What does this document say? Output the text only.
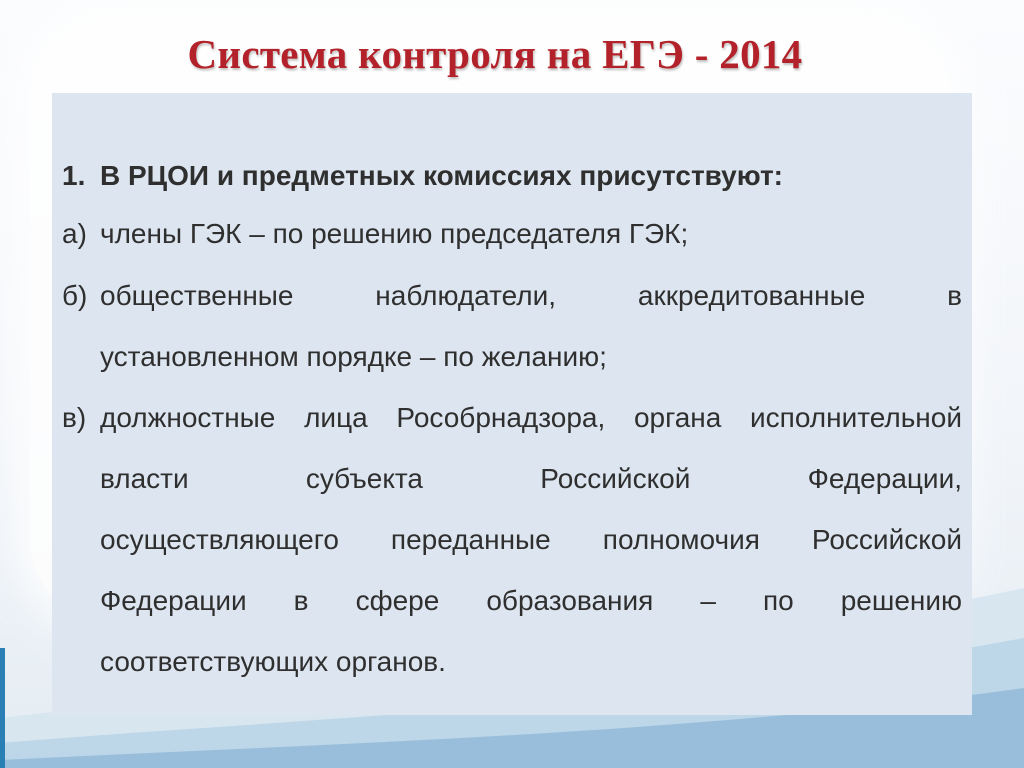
Система контроля на ЕГЭ - 2014
1. В РЦОИ и предметных комиссиях присутствуют:
а) члены ГЭК – по решению председателя ГЭК;
б) общественные наблюдатели, аккредитованные в
установленном порядке – по желанию;
в) должностные лица Рособрнадзора, органа исполнительной
власти субъекта Российской Федерации,
осуществляющего переданные полномочия Российской
Федерации в сфере образования – по решению
соответствующих органов.
